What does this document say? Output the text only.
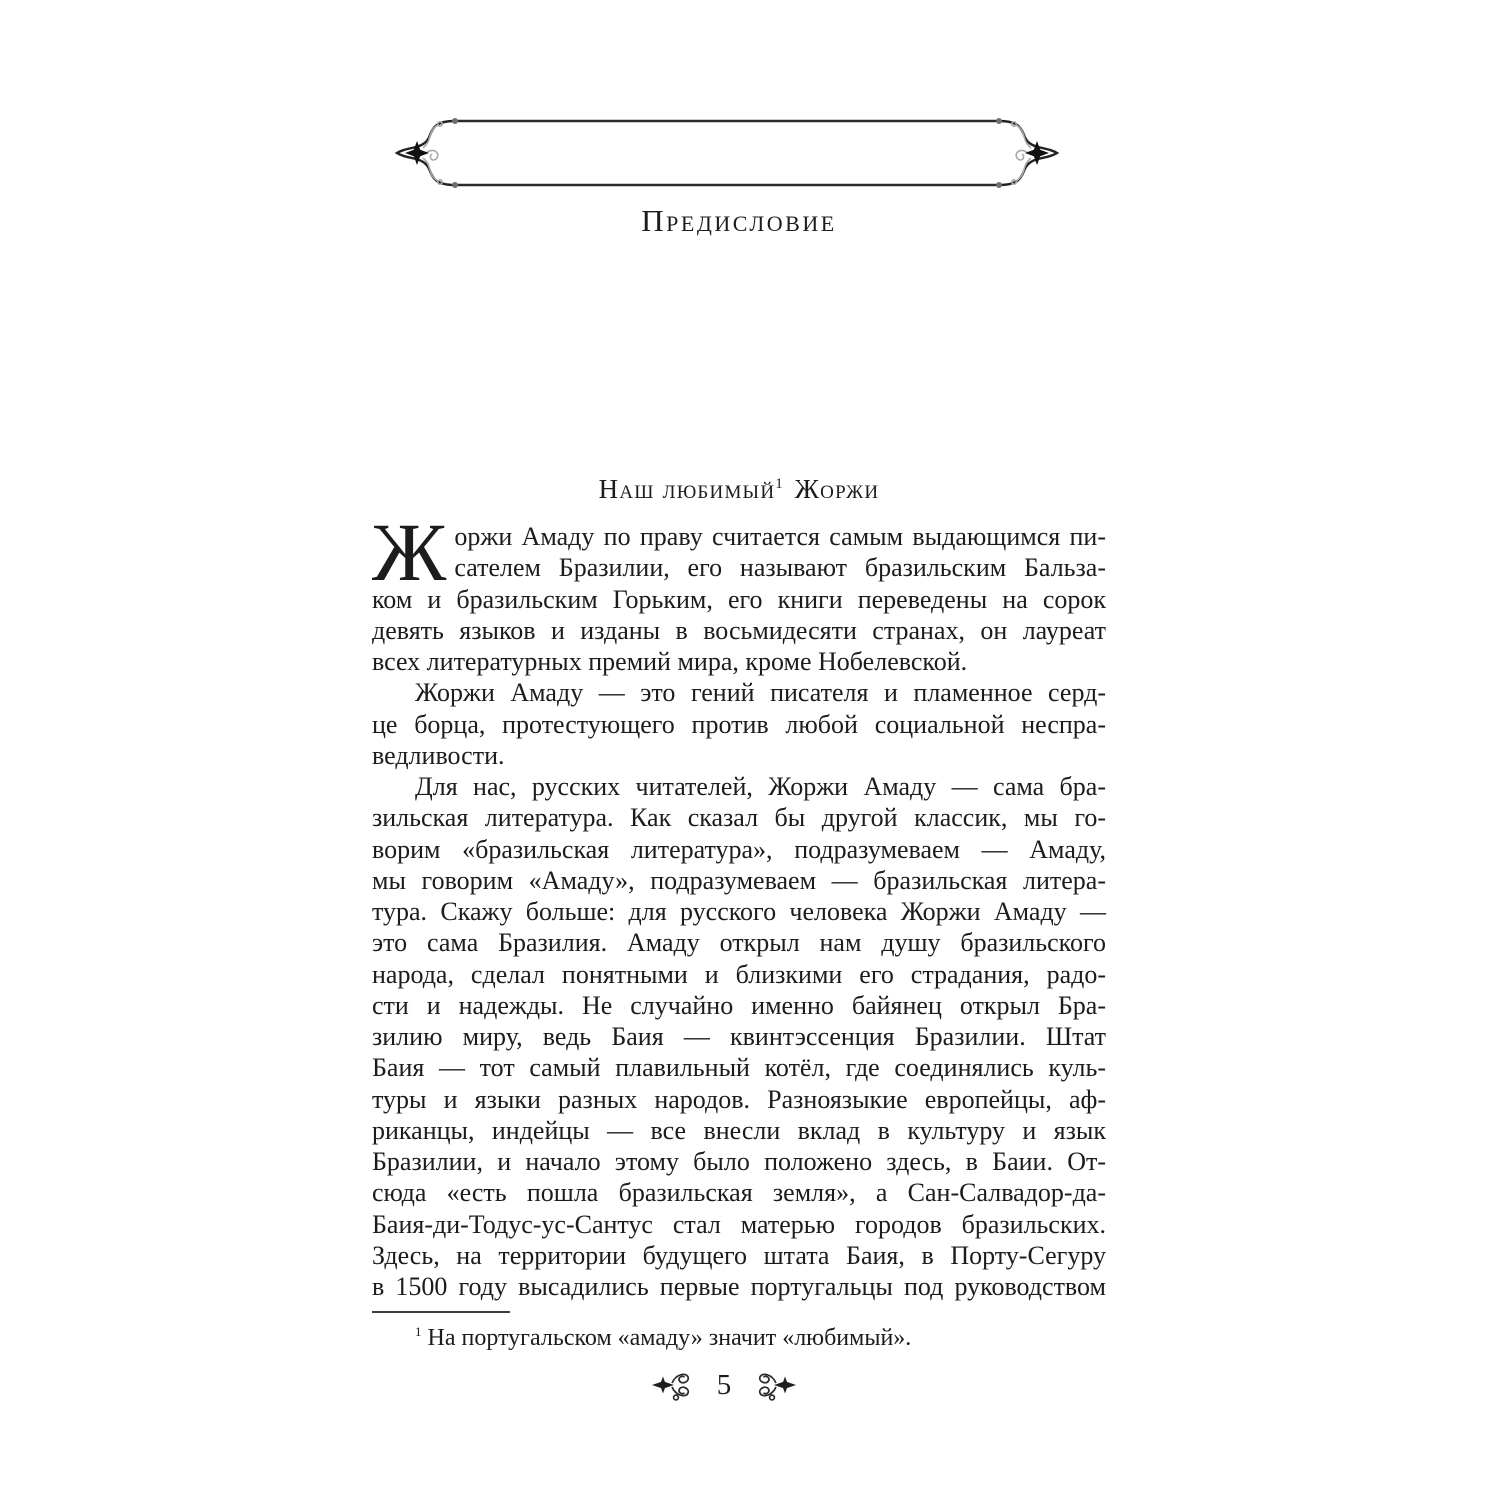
Предисловие
Наш любимый$^1$ Жоржи
Ж оржи Амаду по праву считается самым выдающимся пи-
сателем Бразилии, его называют бразильским Бальза-
ком и бразильским Горьким, его книги переведены на сорок
девять языков и изданы в восьмидесяти странах, он лауреат
всех литературных премий мира, кроме Нобелевской.
Жоржи Амаду — это гений писателя и пламенное серд-
це борца, протестующего против любой социальной неспра-
ведливости.
Для нас, русских читателей, Жоржи Амаду — сама бра-
зильская литература. Как сказал бы другой классик, мы го-
ворим «бразильская литература», подразумеваем — Амаду,
мы говорим «Амаду», подразумеваем — бразильская литера-
тура. Скажу больше: для русского человека Жоржи Амаду —
это сама Бразилия. Амаду открыл нам душу бразильского
народа, сделал понятными и близкими его страдания, радо-
сти и надежды. Не случайно именно байянец открыл Бра-
зилию миру, ведь Баия — квинтэссенция Бразилии. Штат
Баия — тот самый плавильный котёл, где соединялись куль-
туры и языки разных народов. Разноязыкие европейцы, аф-
риканцы, индейцы — все внесли вклад в культуру и язык
Бразилии, и начало этому было положено здесь, в Баии. От-
сюда «есть пошла бразильская земля», а Сан-Салвадор-да-
Баия-ди-Тодус-ус-Сантус стал матерью городов бразильских.
Здесь, на территории будущего штата Баия, в Порту-Сегуру
в 1500 году высадились первые португальцы под руководством
$^1$ На португальском «амаду» значит «любимый».
5
